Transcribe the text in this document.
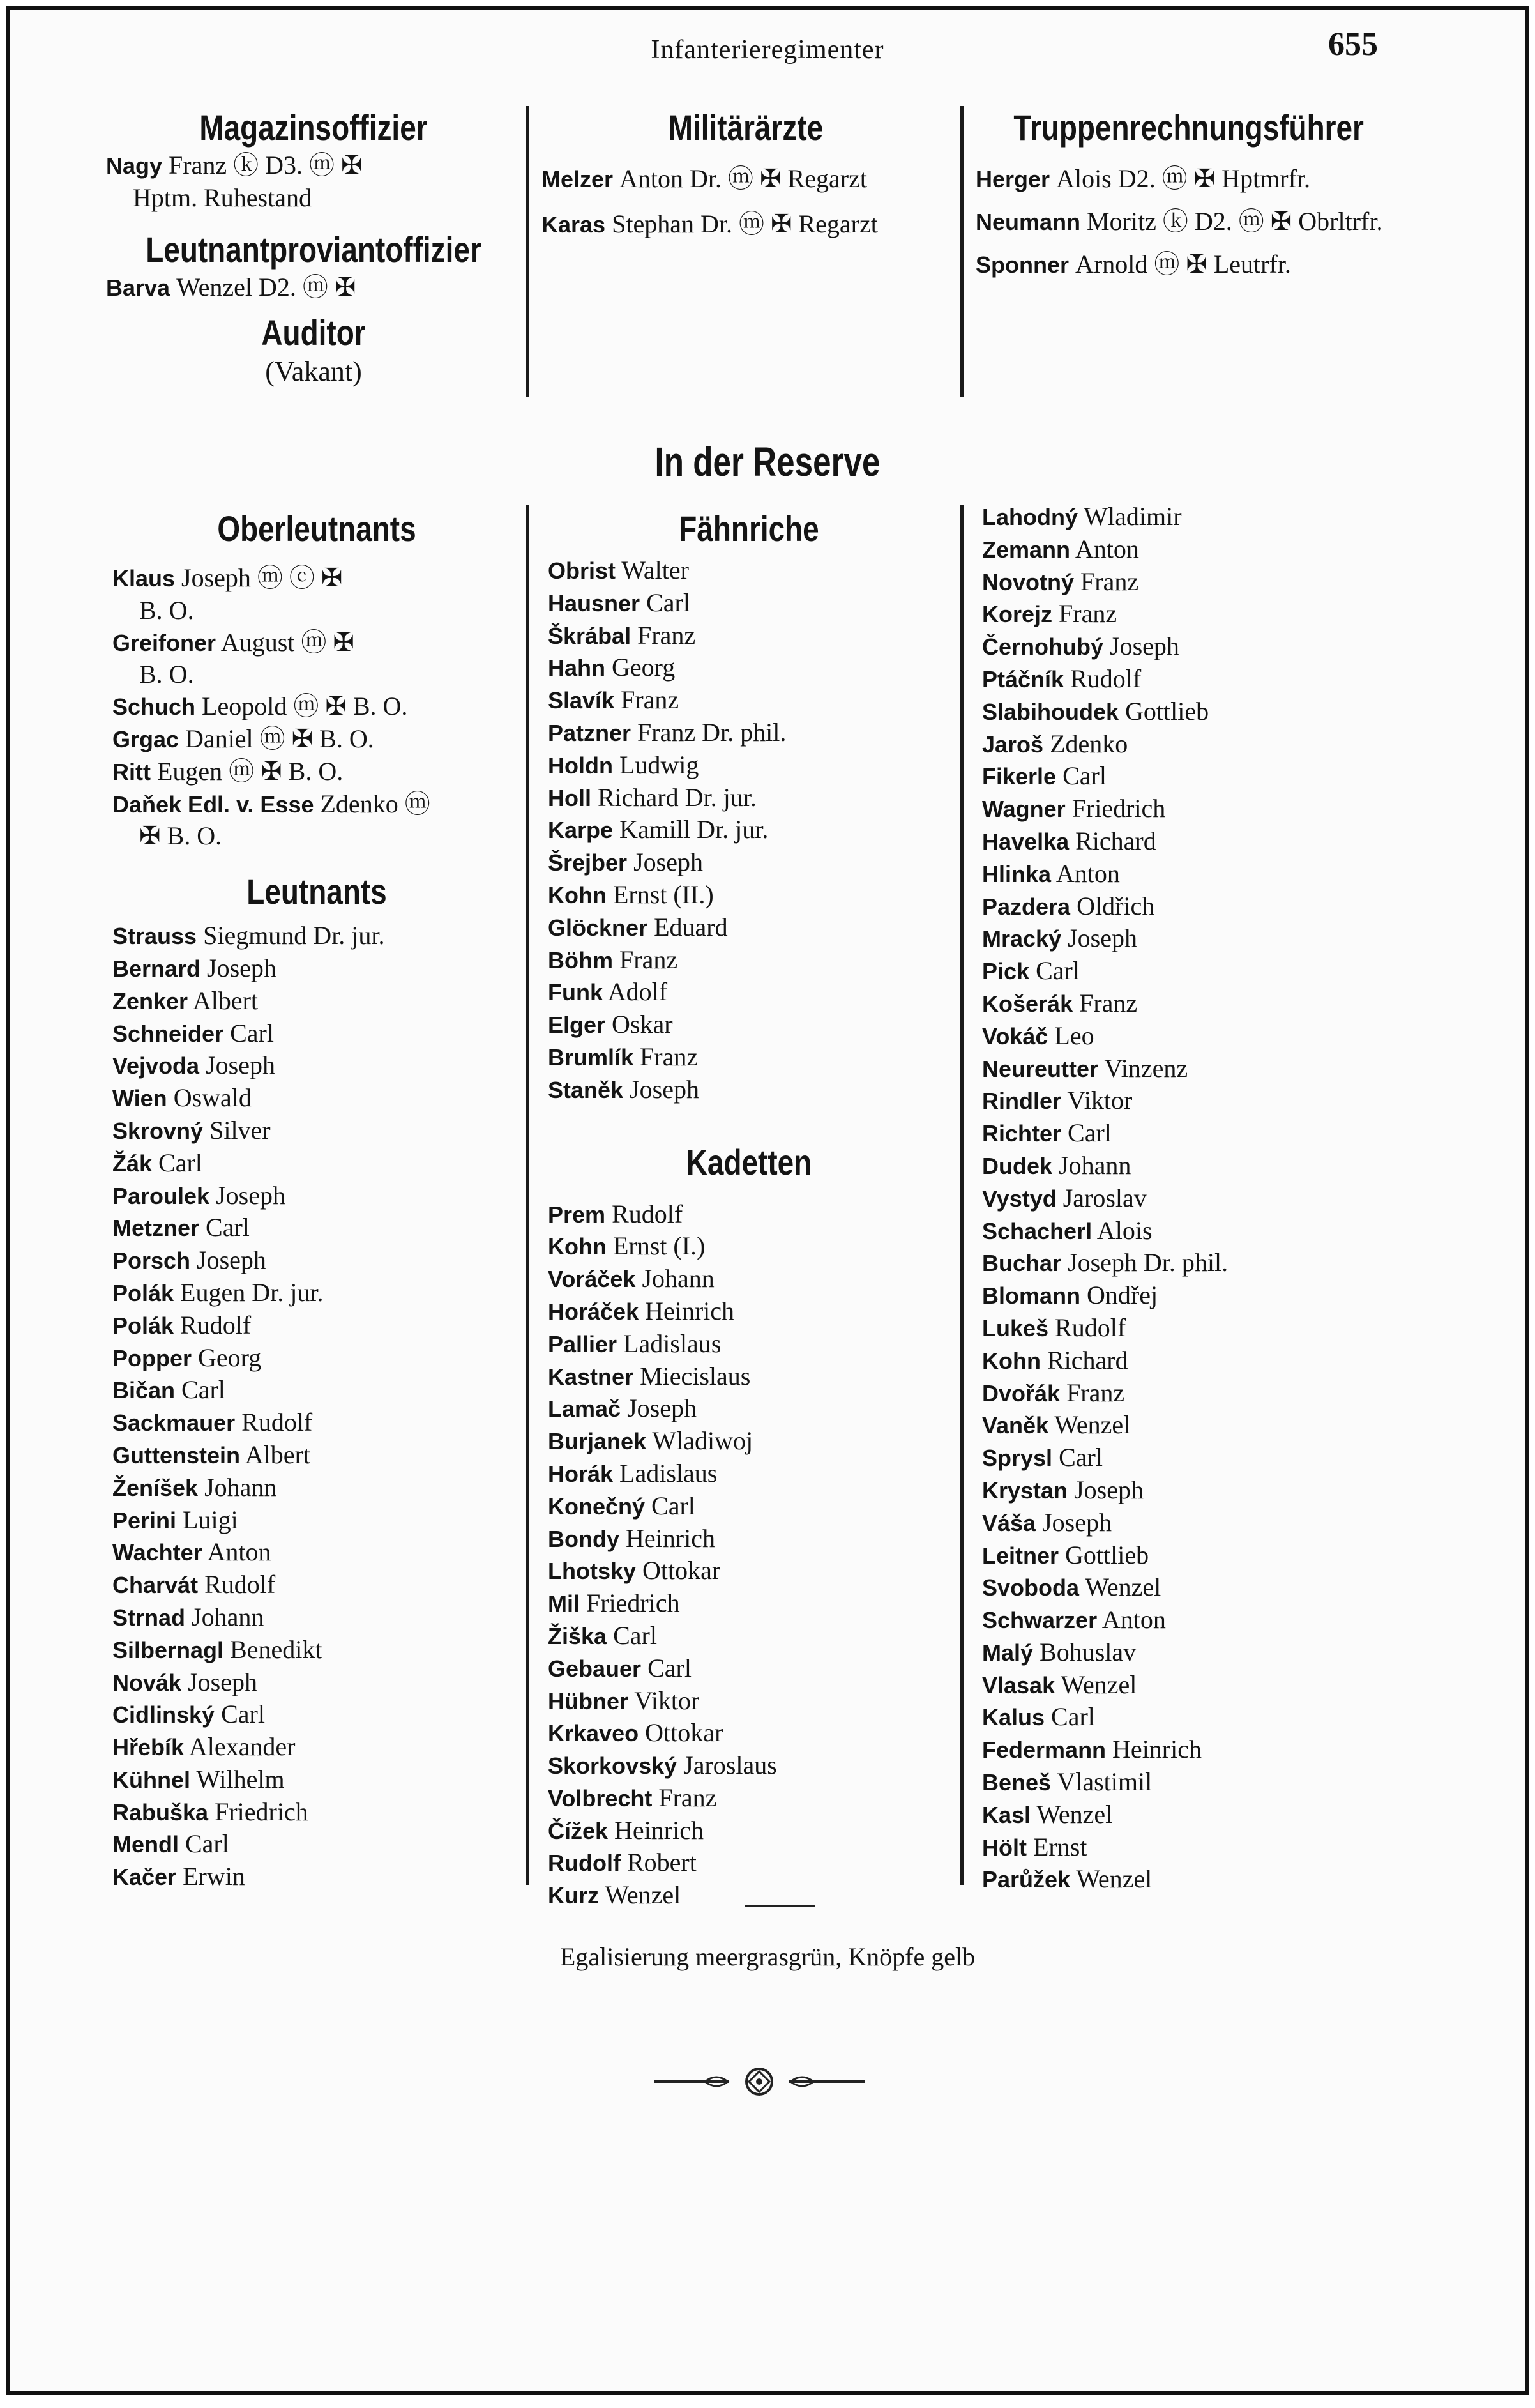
Infanterieregimenter	655
Magazinsoffizier
Nagy Franz ⓚ D3. ⓜ ✠
Hptm. Ruhestand
Leutnantproviantoffizier
Barva Wenzel D2. ⓜ ✠
Auditor
(Vakant)
Militärärzte
Melzer Anton Dr. ⓜ ✠ Regarzt
Karas Stephan Dr. ⓜ ✠ Regarzt
Truppenrechnungsführer
Herger Alois D2. ⓜ ✠ Hptmrfr.
Neumann Moritz ⓚ D2. ⓜ ✠ Obrltrfr.
Sponner Arnold ⓜ ✠ Leutrfr.
In der Reserve
Oberleutnants
Klaus Joseph ⓜ ⓒ ✠
B. O.
Greifoner August ⓜ ✠
B. O.
Schuch Leopold ⓜ ✠ B. O.
Grgac Daniel ⓜ ✠ B. O.
Ritt Eugen ⓜ ✠ B. O.
Daňek Edl. v. Esse Zdenko ⓜ
✠ B. O.
Leutnants
Strauss Siegmund Dr. jur.
Bernard Joseph
Zenker Albert
Schneider Carl
Vejvoda Joseph
Wien Oswald
Skrovný Silver
Žák Carl
Paroulek Joseph
Metzner Carl
Porsch Joseph
Polák Eugen Dr. jur.
Polák Rudolf
Popper Georg
Bičan Carl
Sackmauer Rudolf
Guttenstein Albert
Ženíšek Johann
Perini Luigi
Wachter Anton
Charvát Rudolf
Strnad Johann
Silbernagl Benedikt
Novák Joseph
Cidlinský Carl
Hřebík Alexander
Kühnel Wilhelm
Rabuška Friedrich
Mendl Carl
Kačer Erwin
Fähnriche
Obrist Walter
Hausner Carl
Škrábal Franz
Hahn Georg
Slavík Franz
Patzner Franz Dr. phil.
Holdn Ludwig
Holl Richard Dr. jur.
Karpe Kamill Dr. jur.
Šrejber Joseph
Kohn Ernst (II.)
Glöckner Eduard
Böhm Franz
Funk Adolf
Elger Oskar
Brumlík Franz
Staněk Joseph
Kadetten
Prem Rudolf
Kohn Ernst (I.)
Voráček Johann
Horáček Heinrich
Pallier Ladislaus
Kastner Miecislaus
Lamač Joseph
Burjanek Wladiwoj
Horák Ladislaus
Konečný Carl
Bondy Heinrich
Lhotsky Ottokar
Mil Friedrich
Žiška Carl
Gebauer Carl
Hübner Viktor
Krkaveo Ottokar
Skorkovský Jaroslaus
Volbrecht Franz
Čížek Heinrich
Rudolf Robert
Kurz Wenzel
Lahodný Wladimir
Zemann Anton
Novotný Franz
Korejz Franz
Černohubý Joseph
Ptáčník Rudolf
Slabihoudek Gottlieb
Jaroš Zdenko
Fikerle Carl
Wagner Friedrich
Havelka Richard
Hlinka Anton
Pazdera Oldřich
Mracký Joseph
Pick Carl
Košerák Franz
Vokáč Leo
Neureutter Vinzenz
Rindler Viktor
Richter Carl
Dudek Johann
Vystyd Jaroslav
Schacherl Alois
Buchar Joseph Dr. phil.
Blomann Ondřej
Lukeš Rudolf
Kohn Richard
Dvořák Franz
Vaněk Wenzel
Sprysl Carl
Krystan Joseph
Váša Joseph
Leitner Gottlieb
Svoboda Wenzel
Schwarzer Anton
Malý Bohuslav
Vlasak Wenzel
Kalus Carl
Federmann Heinrich
Beneš Vlastimil
Kasl Wenzel
Hölt Ernst
Parůžek Wenzel
Egalisierung meergrasgrün, Knöpfe gelb
